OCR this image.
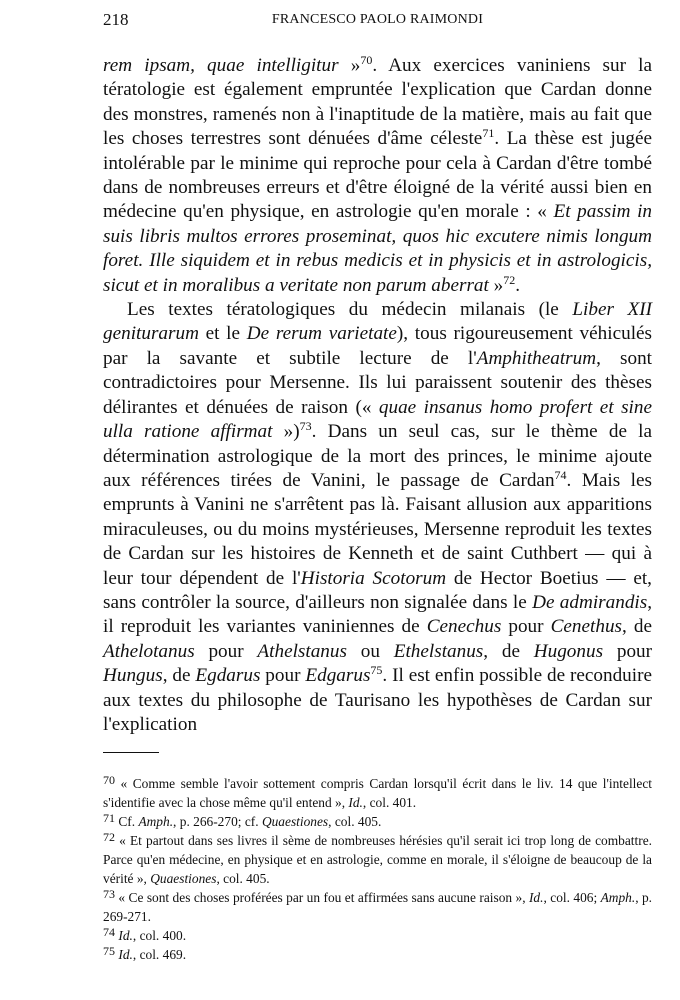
218	FRANCESCO PAOLO RAIMONDI

rem ipsam, quae intelligitur »$^{70}$. Aux exercices vaniniens sur la tératologie est également empruntée l'explication que Cardan donne des monstres, ramenés non à l'inaptitude de la matière, mais au fait que les choses terrestres sont dénuées d'âme céleste$^{71}$. La thèse est jugée intolérable par le minime qui reproche pour cela à Cardan d'être tombé dans de nombreuses erreurs et d'être éloigné de la vérité aussi bien en médecine qu'en physique, en astrologie qu'en morale : « Et passim in suis libris multos errores proseminat, quos hic excutere nimis longum foret. Ille siquidem et in rebus medicis et in physicis et in astrologicis, sicut et in moralibus a veritate non parum aberrat »$^{72}$.

Les textes tératologiques du médecin milanais (le Liber XII geniturarum et le De rerum varietate), tous rigoureusement véhiculés par la savante et subtile lecture de l'Amphitheatrum, sont contradictoires pour Mersenne. Ils lui paraissent soutenir des thèses délirantes et dénuées de raison (« quae insanus homo profert et sine ulla ratione affirmat »)$^{73}$. Dans un seul cas, sur le thème de la détermination astrologique de la mort des princes, le minime ajoute aux références tirées de Vanini, le passage de Cardan$^{74}$. Mais les emprunts à Vanini ne s'arrêtent pas là. Faisant allusion aux apparitions miraculeuses, ou du moins mystérieuses, Mersenne reproduit les textes de Cardan sur les histoires de Kenneth et de saint Cuthbert — qui à leur tour dépendent de l'Historia Scotorum de Hector Boetius — et, sans contrôler la source, d'ailleurs non signalée dans le De admirandis, il reproduit les variantes vaniniennes de Cenechus pour Cenethus, de Athelotanus pour Athelstanus ou Ethelstanus, de Hugonus pour Hungus, de Egdarus pour Edgarus$^{75}$. Il est enfin possible de reconduire aux textes du philosophe de Taurisano les hypothèses de Cardan sur l'explication

$^{70}$ « Comme semble l'avoir sottement compris Cardan lorsqu'il écrit dans le liv. 14 que l'intellect s'identifie avec la chose même qu'il entend », Id., col. 401.

$^{71}$ Cf. Amph., p. 266-270; cf. Quaestiones, col. 405.

$^{72}$ « Et partout dans ses livres il sème de nombreuses hérésies qu'il serait ici trop long de combattre. Parce qu'en médecine, en physique et en astrologie, comme en morale, il s'éloigne de beaucoup de la vérité », Quaestiones, col. 405.

$^{73}$ « Ce sont des choses proférées par un fou et affirmées sans aucune raison », Id., col. 406; Amph., p. 269-271.

$^{74}$ Id., col. 400.

$^{75}$ Id., col. 469.
